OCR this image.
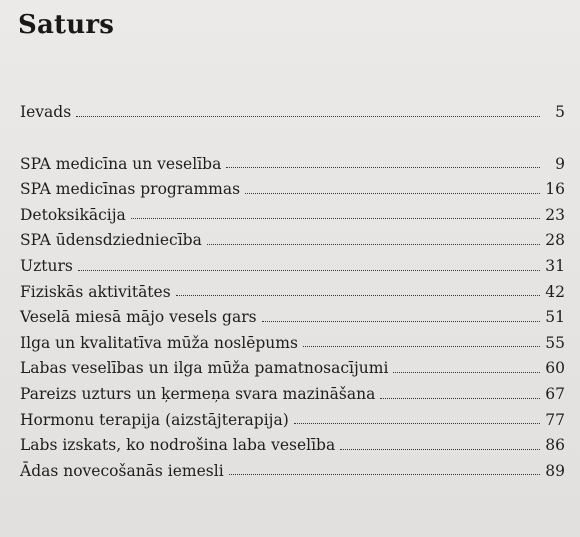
Saturs
Ievads	5
SPA medicīna un veselība	9
SPA medicīnas programmas	16
Detoksikācija	23
SPA ūdensdziedniecība	28
Uzturs	31
Fiziskās aktivitātes	42
Veselā miesā mājo vesels gars	51
Ilga un kvalitatīva mūža noslēpums	55
Labas veselības un ilga mūža pamatnosacījumi	60
Pareizs uzturs un ķermeņa svara mazināšana	67
Hormonu terapija (aizstājterapija)	77
Labs izskats, ko nodrošina laba veselība	86
Ādas novecošanās iemesli	89
